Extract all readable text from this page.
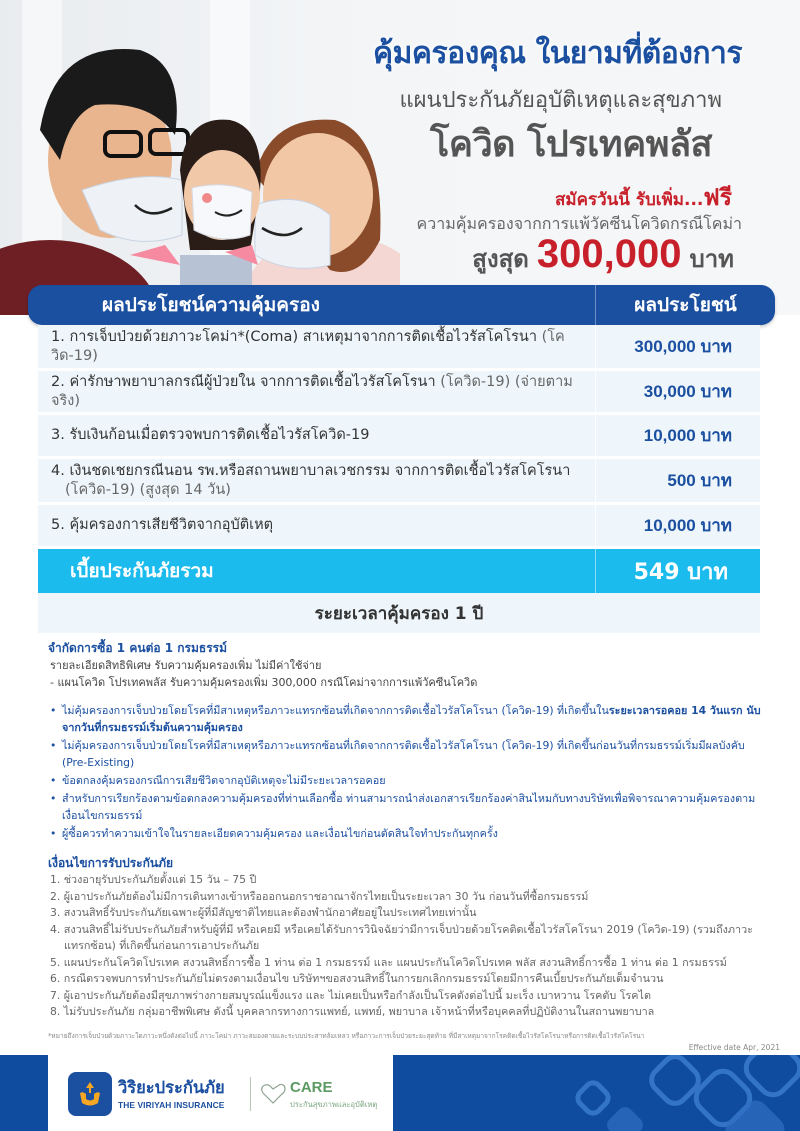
คุ้มครองคุณ ในยามที่ต้องการ
แผนประกันภัยอุบัติเหตุและสุขภาพ
โควิด โปรเทคพลัส
สมัครวันนี้ รับเพิ่ม...ฟรี
ความคุ้มครองจากการแพ้วัคซีนโควิดกรณีโคม่า
สูงสุด 300,000 บาท
ผลประโยชน์ความคุ้มครอง	ผลประโยชน์
1. การเจ็บป่วยด้วยภาวะโคม่า*(Coma) สาเหตุมาจากการติดเชื้อไวรัสโคโรนา (โควิด-19)	300,000 บาท
2. ค่ารักษาพยาบาลกรณีผู้ป่วยใน จากการติดเชื้อไวรัสโคโรนา (โควิด-19) (จ่ายตามจริง)	30,000 บาท
3. รับเงินก้อนเมื่อตรวจพบการติดเชื้อไวรัสโควิด-19	10,000 บาท
4. เงินชดเชยกรณีนอน รพ.หรือสถานพยาบาลเวชกรรม จากการติดเชื้อไวรัสโคโรนา
(โควิด-19) (สูงสุด 14 วัน)	500 บาท
5. คุ้มครองการเสียชีวิตจากอุบัติเหตุ	10,000 บาท
เบี้ยประกันภัยรวม	549 บาท
ระยะเวลาคุ้มครอง 1 ปี
จำกัดการซื้อ 1 คนต่อ 1 กรมธรรม์
รายละเอียดสิทธิพิเศษ รับความคุ้มครองเพิ่ม ไม่มีค่าใช้จ่าย
- แผนโควิด โปรเทคพลัส รับความคุ้มครองเพิ่ม 300,000 กรณีโคม่าจากการแพ้วัคซีนโควิด
• ไม่คุ้มครองการเจ็บป่วยโดยโรคที่มีสาเหตุหรือภาวะแทรกซ้อนที่เกิดจากการติดเชื้อไวรัสโคโรนา (โควิด-19) ที่เกิดขึ้นในระยะเวลารอคอย 14 วันแรก นับจากวันที่กรมธรรม์เริ่มต้นความคุ้มครอง
• ไม่คุ้มครองการเจ็บป่วยโดยโรคที่มีสาเหตุหรือภาวะแทรกซ้อนที่เกิดจากการติดเชื้อไวรัสโคโรนา (โควิด-19) ที่เกิดขึ้นก่อนวันที่กรมธรรม์เริ่มมีผลบังคับ (Pre-Existing)
• ข้อตกลงคุ้มครองกรณีการเสียชีวิตจากอุบัติเหตุจะไม่มีระยะเวลารอคอย
• สำหรับการเรียกร้องตามข้อตกลงความคุ้มครองที่ท่านเลือกซื้อ ท่านสามารถนำส่งเอกสารเรียกร้องค่าสินไหมกับทางบริษัทเพื่อพิจารณาความคุ้มครองตามเงื่อนไขกรมธรรม์
• ผู้ซื้อควรทำความเข้าใจในรายละเอียดความคุ้มครอง และเงื่อนไขก่อนตัดสินใจทำประกันทุกครั้ง
เงื่อนไขการรับประกันภัย
1. ช่วงอายุรับประกันภัยตั้งแต่ 15 วัน – 75 ปี
2. ผู้เอาประกันภัยต้องไม่มีการเดินทางเข้าหรือออกนอกราชอาณาจักรไทยเป็นระยะเวลา 30 วัน ก่อนวันที่ซื้อกรมธรรม์
3. สงวนสิทธิ์รับประกันภัยเฉพาะผู้ที่มีสัญชาติไทยและต้องพำนักอาศัยอยู่ในประเทศไทยเท่านั้น
4. สงวนสิทธิ์ไม่รับประกันภัยสำหรับผู้ที่มี หรือเคยมี หรือเคยได้รับการวินิจฉัยว่ามีการเจ็บป่วยด้วยโรคติดเชื้อไวรัสโคโรนา 2019 (โควิด-19) (รวมถึงภาวะแทรกซ้อน) ที่เกิดขึ้นก่อนการเอาประกันภัย
5. แผนประกันโควิดโปรเทค สงวนสิทธิ์การซื้อ 1 ท่าน ต่อ 1 กรมธรรม์ และ แผนประกันโควิดโปรเทค พลัส สงวนสิทธิ์การซื้อ 1 ท่าน ต่อ 1 กรมธรรม์
6. กรณีตรวจพบการทำประกันภัยไม่ตรงตามเงื่อนไข บริษัทฯขอสงวนสิทธิ์ในการยกเลิกกรมธรรม์โดยมีการคืนเบี้ยประกันภัยเต็มจำนวน
7. ผู้เอาประกันภัยต้องมีสุขภาพร่างกายสมบูรณ์แข็งแรง และ ไม่เคยเป็นหรือกำลังเป็นโรคดังต่อไปนี้ มะเร็ง เบาหวาน โรคตับ โรคไต
8. ไม่รับประกันภัย กลุ่มอาชีพพิเศษ ดังนี้ บุคคลากรทางการแพทย์, แพทย์, พยาบาล เจ้าหน้าที่หรือบุคคลที่ปฏิบัติงานในสถานพยาบาล
*หมายถึงการเจ็บป่วยด้วยภาวะใดภาวะหนึ่งดังต่อไปนี้ ภาวะโคม่า ภาวะสมองตายและระบบประสาทล้มเหลว หรือภาวะการเจ็บป่วยระยะสุดท้าย ที่มีสาเหตุมาจากโรคติดเชื้อไวรัสโคโรนาหรือการติดเชื้อไวรัสโคโรนา
Effective date Apr, 2021
วิริยะประกันภัย
THE VIRIYAH INSURANCE
CARE
ประกันสุขภาพและอุบัติเหตุ
